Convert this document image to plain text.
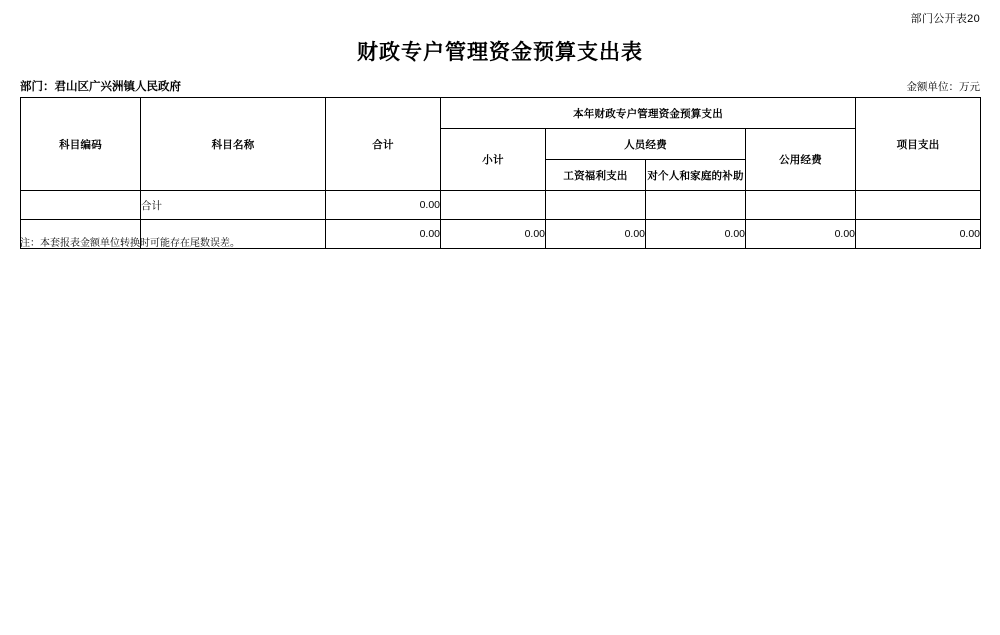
部门公开表20
财政专户管理资金预算支出表
部门：君山区广兴洲镇人民政府	金额单位：万元
科目编码	科目名称	合计	本年财政专户管理资金预算支出				项目支出
			小计	人员经费		公用经费	
				工资福利支出	对个人和家庭的补助		
	合计	0.00					
		0.00	0.00	0.00	0.00	0.00	0.00
注：本套报表金额单位转换时可能存在尾数误差。
